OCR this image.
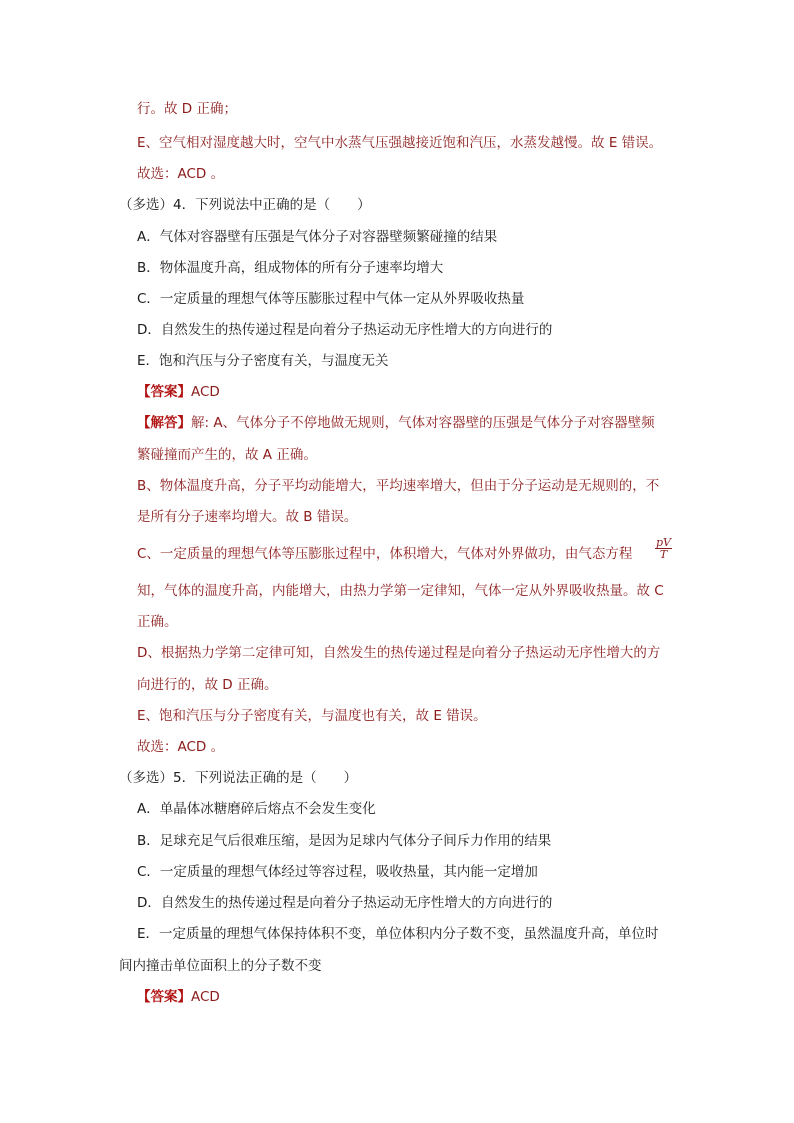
行。故 D 正确；
E、空气相对湿度越大时，空气中水蒸气压强越接近饱和汽压，水蒸发越慢。故 E 错误。
故选：ACD 。
（多选）4．下列说法中正确的是（　　）
A．气体对容器壁有压强是气体分子对容器壁频繁碰撞的结果
B．物体温度升高，组成物体的所有分子速率均增大
C．一定质量的理想气体等压膨胀过程中气体一定从外界吸收热量
D．自然发生的热传递过程是向着分子热运动无序性增大的方向进行的
E．饱和汽压与分子密度有关，与温度无关
【答案】ACD
【解答】解: A、气体分子不停地做无规则，气体对容器壁的压强是气体分子对容器壁频
繁碰撞而产生的，故 A 正确。
B、物体温度升高，分子平均动能增大，平均速率增大，但由于分子运动是无规则的，不
是所有分子速率均增大。故 B 错误。
C、一定质量的理想气体等压膨胀过程中，体积增大，气体对外界做功，由气态方程 $\frac{pV}{T}$
知，气体的温度升高，内能增大，由热力学第一定律知，气体一定从外界吸收热量。故 C
正确。
D、根据热力学第二定律可知，自然发生的热传递过程是向着分子热运动无序性增大的方
向进行的，故 D 正确。
E、饱和汽压与分子密度有关，与温度也有关，故 E 错误。
故选：ACD 。
（多选）5．下列说法正确的是（　　）
A．单晶体冰糖磨碎后熔点不会发生变化
B．足球充足气后很难压缩，是因为足球内气体分子间斥力作用的结果
C．一定质量的理想气体经过等容过程，吸收热量，其内能一定增加
D．自然发生的热传递过程是向着分子热运动无序性增大的方向进行的
E．一定质量的理想气体保持体积不变，单位体积内分子数不变，虽然温度升高，单位时
间内撞击单位面积上的分子数不变
【答案】ACD
